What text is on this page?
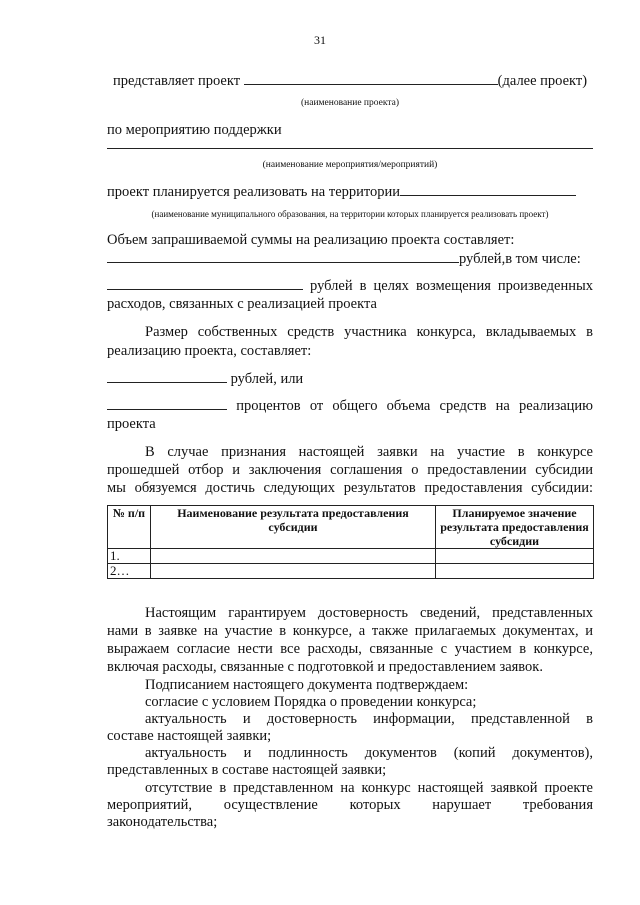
31
представляет проект	(далее проект)
(наименование проекта)
по мероприятию поддержки
(наименование мероприятия/мероприятий)
проект планируется реализовать на территории
(наименование муниципального образования, на территории которых планируется реализовать проект)
Объем запрашиваемой суммы на реализацию проекта составляет:
рублей,в том числе:
рублей в целях возмещения произведенных
расходов, связанных с реализацией проекта
Размер собственных средств участника конкурса, вкладываемых в
реализацию проекта, составляет:
рублей, или
процентов от общего объема средств на реализацию
проекта
В случае признания настоящей заявки на участие в конкурсе
прошедшей отбор и заключения соглашения о предоставлении субсидии
мы обязуемся достичь следующих результатов предоставления субсидии:
№ п/п	Наименование результата предоставления субсидии	Планируемое значение результата предоставления субсидии
1.		
2…		
Настоящим гарантируем достоверность сведений, представленных
нами в заявке на участие в конкурсе, а также прилагаемых документах, и
выражаем согласие нести все расходы, связанные с участием в конкурсе,
включая расходы, связанные с подготовкой и предоставлением заявок.
Подписанием настоящего документа подтверждаем:
согласие с условием Порядка о проведении конкурса;
актуальность и достоверность информации, представленной в
составе настоящей заявки;
актуальность и подлинность документов (копий документов),
представленных в составе настоящей заявки;
отсутствие в представленном на конкурс настоящей заявкой проекте
мероприятий, осуществление которых нарушает требования
законодательства;
